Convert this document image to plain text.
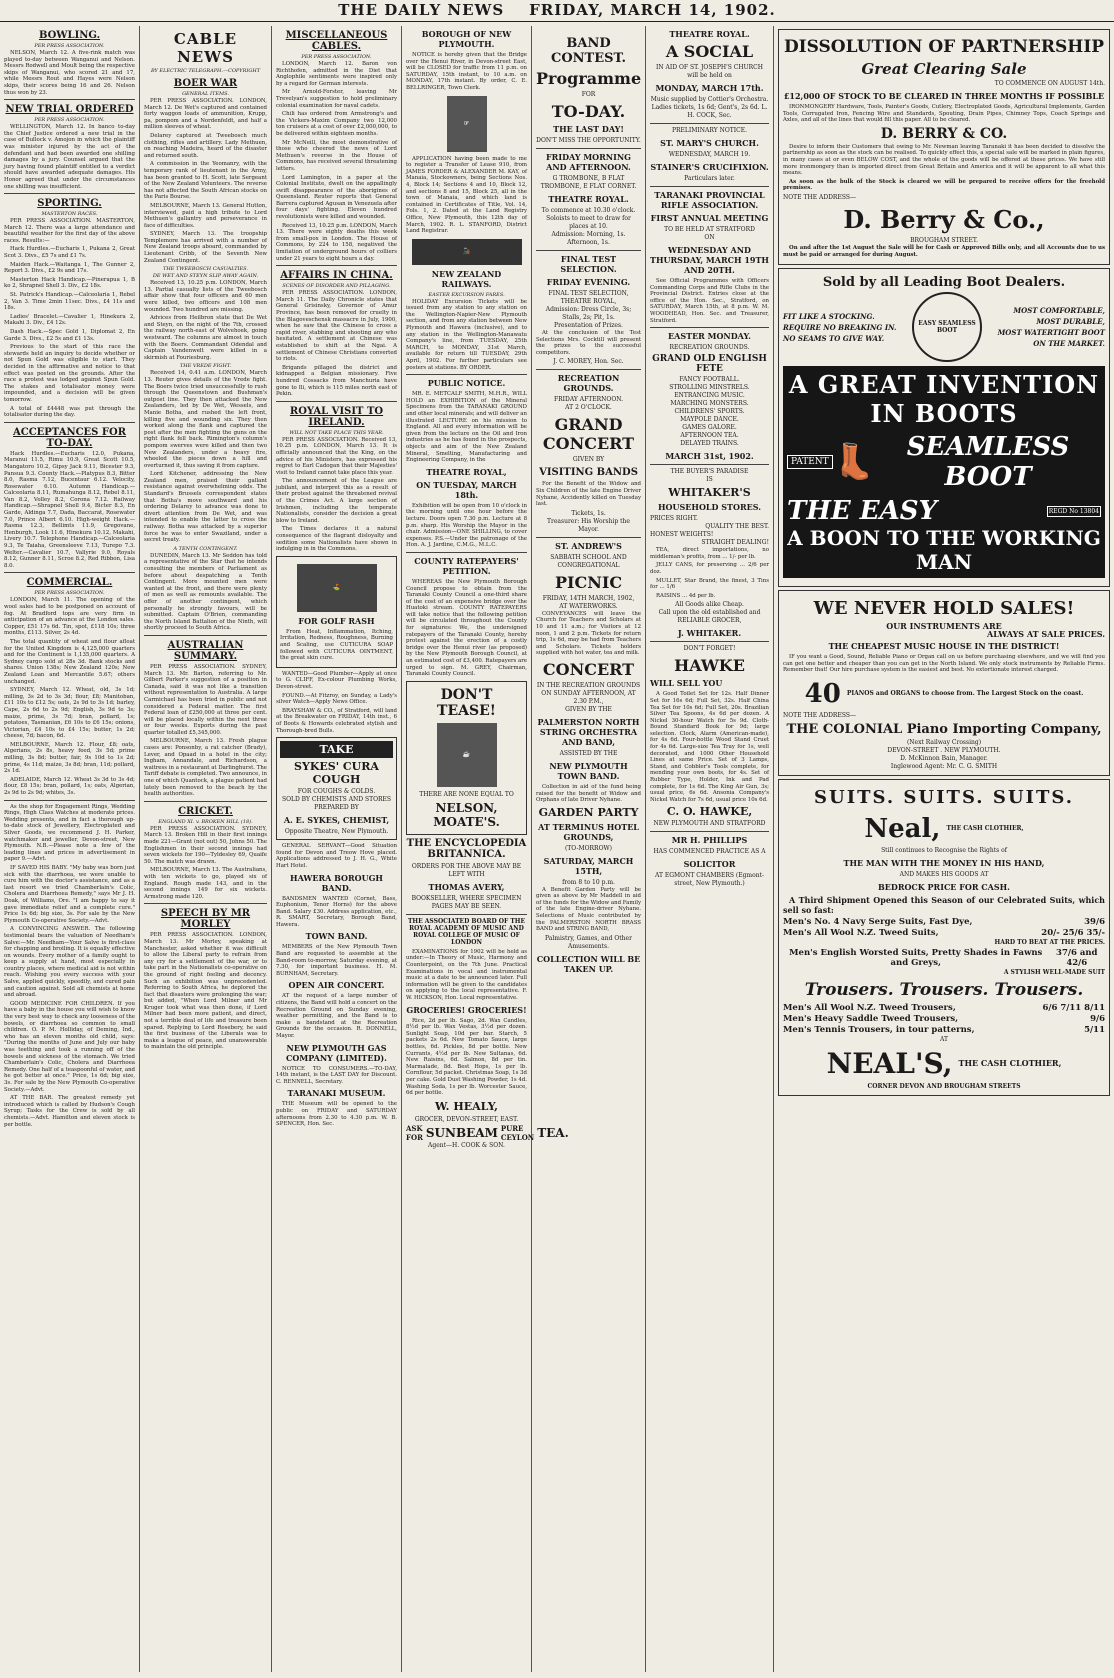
THE DAILY NEWS FRIDAY, MARCH 14, 1902.
BOWLING.
PER PRESS ASSOCIATION.

NELSON, March 12. A five-rink match was played to-day between Wanganui and Nelson. Messrs Rodwell and Moult being the respective skips of Wanganui, who scored 21 and 17, while Messrs Rout and Hayes were Nelson skips, their scores being 16 and 26. Nelson thus won by 23.

NEW TRIAL ORDERED
PER PRESS ASSOCIATION.

WELLINGTON, March 12. In banco to-day the Chief Justice ordered a new trial in the case of Bullock v. Amojon in which the plaintiff was minister injured by the act of the defendant and had been awarded one shilling damages by a jury. Counsel argued that the jury having found plaintiff entitled to a verdict should have awarded adequate damages. His Honor agreed that under the circumstances one shilling was insufficient.

SPORTING.
MASTERTON RACES.

PER PRESS ASSOCIATION. MASTERTON, March 12. There was a large attendance and beautiful weather for the first day of the above races. Results:—

Hack Hurdles.—Eucharis 1, Pukana 2, Great Scot 3. Divs., £5 7s and £1 7s.

Maiden Hack.—Waitanga 1, The Gunner 2, Report 3. Divs., £2 9s and 17s.

Masterton Hack Handicap.—Pinerapua 1, B ko 2, Shrapnel Shell 3. Div., £2 18s.

St. Patrick's Handicap.—Calceolaria 1, Rebel 2, Van 3. Time 2min 11sec. Divs., £4 11s and 18s.

Ladies' Bracelet.—Cavalier 1, Hinekura 2, Makahi 3. Div., £4 12s.

Dash Hack.—Spec Gold 1, Diplomat 2, En Garde 3. Divs., £2 5s and £1 13s.

Previous to the start of this race the stewards held an inquiry to decide whether or not Spun Gold was eligible to start. They decided in the affirmative and notice to that effect was posted on the grounds. After the race a protest was lodged against Spun Gold. The stakes and totalisator money were impounded, and a decision will be given tomorrow.

A total of £4448 was put through the totalisator during the day.

ACCEPTANCES FOR TO-DAY.

Hack Hurdles.—Eucharis 12.0, Pukana, Maranui 11.5, Rimu 10.9, Great Scott 10.5, Mangatoro 10.2, Gipsy Jack 9.11, Bicester 9.3, Pansua 9.3. County Hack.—Platypus 8.3, Bitter 8.0, Rasma 7.12, Bucentaur 6.12. Velocity, Rosewater 6.10. Autumn Handicap.—Calceolaria 8.11, Rumahunga 8.12, Rebel 8.11, Van 8.2, Volley 8.2, Corona 7.12. Railway Handicap.—Shrapnel Shell 9.4, Bicter 8.3, En Garde, Aldinga 7.7, Dada, Baccarat, Rosewater 7.0, Prince Albert 6.10. High-weight Hack.—Rasma 12.3, Bellimts 11.9, Gregovane, Henburgh, Look 11.6, Hinekura 10.12, Makahi, Livery 10.7. Telephone Handicap.—Calceolaria 9.3, Te Taiaha, Greensleeve 7.13, Turepo 7.3. Welter.—Cavalier 10.7, Vallyrie 9.0, Royals 8.12, Gunner 8.11, Scroe 8.2, Red Ribbon, Lisa 8.0.

COMMERCIAL.
PER PRESS ASSOCIATION.

LONDON, March 11. The opening of the wool sales had to be postponed on account of fog. At Bradford tops are very firm in anticipation of an advance at the London sales. Copper, £51 17s 6d. Tin, spot, £118 10s; three months, £113. Silver, 2s 4d.

The total quantity of wheat and flour afloat for the United Kingdom is 4,125,000 quarters and for the Continent is 1,135,000 quarters. A Sydney cargo sold at 28s 3d. Bank stocks and shares. Union 138s; New Zealand 120s; New Zealand Loan and Mercantile 5.67; others unchanged.

SYDNEY, March 12. Wheat, old, 3s 1d; milling, 3s 2d to 3s 3d; flour, £8; Manitoban, £11 10s to £12 5s; oats, 2s 9d to 3s 1d; barley, Cape, 2s 6d to 2s 9d; English, 3s 9d to 3s; maize, prime, 3s 7d; bran, pollard, 1s; potatoes, Tasmanian, £6 10s to £6 15s; onions, Victorian, £4 10s to £4 15s; butter, 1s 2d; cheese, 7d; bacon, 6d.

MELBOURNE, March 12. Flour, £8; oats, Algerians, 2s 8s, heavy feed, 3s 5d; prime milling, 3s 8d; butter, fair, 9s 10d to 1s 2d; prime, 4s 11d; maize, 3s 8d; bran, 11d; pollard, 2s 1d.

ADELAIDE, March 12. Wheat 3s 3d to 3s 4d; flour, £8 15s; bran, pollard, 1s; oats, Algerian, 2s 9d to 2s 9d; whites, 3s.

As the shop for Engagement Rings, Wedding Rings, High Class Watches at moderate prices. Wedding presents, and in fact a thorough up-to-date stock of Jewellery, Electroplated and Silver Goods, we recommend J. H. Parker, watchmaker and jeweller, Devon-street, New Plymouth. N.B.—Please note a few of the leading lines and prices in advertisement in paper 9.—Advt.

IF SAVED HIS BABY. "My baby was born just sick with the diarrhoea, we were unable to cure him with the doctor's assistance, and as a last resort we tried Chamberlain's Colic, Cholera and Diarrhoea Remedy," says Mr J. H. Doak, of Williams, Ore. "I am happy to say it gave immediate relief and a complete cure." Price 1s 6d; big size, 3s. For sale by the New Plymouth Co-operative Society.—Advt.

A CONVINCING ANSWER. The following testimonial bears the valuation of Needham's Salve:—Mr. Needham—Your Salve is first-class for chapping and broiling. It is equally effective on wounds. Every mother of a family ought to keep a supply at hand, most especially in country places, where medical aid is not within reach. Wishing you every success with your Salve, applied quickly, speedily, and cured pain and caution against. Sold all chemists at home and abroad.

GOOD MEDICINE FOR CHILDREN. If you have a baby in the house you will wish to know the very best way to check any looseness of the bowels, or diarrhoea so common to small children. O. P. M. Holliday, of Deming, Ind., who has an eleven months old child, says: "During the months of June and July our baby was teething and took a running off of the bowels and sickness of the stomach. We tried Chamberlain's Colic, Cholera and Diarrhoea Remedy. One half of a teaspoonful of water, and he got better at once." Price, 1s 6d; big size, 3s. For sale by the New Plymouth Co-operative Society.—Advt.

AT THE BAR. The greatest remedy yet introduced which is called by Hudson's Cough Syrup; Tasks for the Crew is sold by all chemists.—Advt. Hamilton and eleven stock is per bottle.

CABLE NEWS
BY ELECTRIC TELEGRAPH.—COPYRIGHT
BOER WAR
GENERAL ITEMS.

PER PRESS ASSOCIATION. LONDON, March 12. De Wet's captured and contained forty waggon loads of ammunition, Krupp, pa, pompom and a Nordenfeldt, and half a million sleeves of wheat.

Delarey captured at Tweebosch much clothing, rifles and artillery. Lady Methuen, on reaching Madeira, heard of the disaster and returned south.

A commission in the Yeomanry, with the temporary rank of lieutenant in the Army, has been granted to H. Scott, late Sergeant of the New Zealand Volunteers. The reverse has not affected the South African stocks on the Paris Bourse.

MELBOURNE, March 13. General Hutton, interviewed, paid a high tribute to Lord Methuen's gallantry and perseverance in face of difficulties.

SYDNEY, March 13. The troopship Templemore has arrived with a number of New Zealand troops aboard, commanded by Lieutenant Cribb, of the Seventh New Zealand Contingent.

THE TWEEBOSCH CASUALTIES.
DE WET AND STEYN SLIP AWAY AGAIN.

Received 13, 10.25 p.m. LONDON, March 13. Partial casualty lists of the Tweebosch affair show that four officers and 60 men were killed, two officers and 108 men wounded. Two hundred are missing.

Advices from Heilbron state that De Wet and Steyn, on the night of the 7th, crossed the railway north-east of Wolvehoek, going westward. The columns are almost in touch with the Boers. Commandant Odendal and Captain Vandenwelt were killed in a skirmish at Fouriesburg.

THE VREDE FIGHT.

Received 14, 0.41 a.m. LONDON, March 13. Reuter gives details of the Vrede fight. The Boers twice tried unsuccessfully to rush through the Queenstown and Bushman's outpost line. They then attacked the New Zealanders, led by De Wet, Wessels, and Manie Botha, and rushed the left front, killing five and wounding six. They then worked along the flank and captured the post after the men fighting the guns on the right flank fell back. Rimington's column's pompom swerves were killed and then two New Zealanders, under a heavy fire, wheeled the pieces down a hill and overturned it, thus saving it from capture.

Lord Kitchener, addressing the New Zealand men, praised their gallant resistance against overwhelming odds. The Standard's Brussels correspondent states that Botha's move southward and his ordering Delarey to advance was done to divert attention from De Wet, and was intended to enable the latter to cross the railway. Botha was attacked by a superior force he was to enter Swaziland, under a secret treaty.

A TENTH CONTINGENT.

DUNEDIN, March 13. Mr Seddon has told a representative of the Star that he intends consulting the members of Parliament as before about despatching a Tenth Contingent. More mounted men were wanted at the front, and there were plenty of men as well as remounts available. The offer of another contingent, which personally he strongly favours, will be submitted. Captain O'Brien, commanding the North Island Battalion of the Ninth, will shortly proceed to South Africa.

AUSTRALIAN SUMMARY.

PER PRESS ASSOCIATION. SYDNEY, March 13. Mr. Barton, referring to Mr. Gilbert Parker's suggestion of a position in Canada, said it was not like a transition without representation to Australia. A large Carmichael has been tried in public and not considered a Federal matter. The first Federal loan of £250,000 at three per cent. will be placed locally within the next three or four weeks. Exports during the past quarter totalled £5,345,000.

MELBOURNE, March 13. Fresh plague cases are: Ponsonby, a rat catcher (Brady), Lever, and Opaad in a hotel in the city; Ingham, Annandale, and Richardson, a waitress in a restaurant at Darlinghurst. The Tariff debate is completed. Two announce, in one of which Quantock, a plague patient had lately been removed to the beach by the health authorities.

CRICKET.
ENGLAND XI. v. BROKEN HILL (18).

PER PRESS ASSOCIATION. SYDNEY, March 13. Broken Hill in their first innings made 221—Grant (not out) 50, Johns 50. The Englishmen in their second innings had seven wickets for 190—Tyldesley 69, Quaife 50. The match was drawn.

MELBOURNE, March 13. The Australians, with ten wickets to go, played six of England. Rough made 143, and in the second innings 149 for six wickets. Armstrong made 120.

SPEECH BY MR MORLEY

PER PRESS ASSOCIATION. LONDON, March 13. Mr Morley, speaking at Manchester, asked whether it was difficult to allow the Liberal party to refrain from any cry for a settlement of the war, or to take part in the Nationalists co-operative on the ground of right feeling and decency. Such an exhibition was unprecedented. Referring to South Africa, he deplored the fact that disasters were prolonging the war; but added, "When Lord Milner and Mr Kruger took what was then done, if Lord Milner had been more patient, and direct, not a terrible deal of life and treasure been spared. Replying to Lord Rosebery, he said the first business of the Liberals was to make a league of peace, and unanswerable to maintain the old principle.

MISCELLANEOUS CABLES.
PER PRESS ASSOCIATION.

LONDON, March 12. Baron von Richthofen, admitted in the Diet that Anglophile sentiments were inspired only by a regard for German interests.

Mr Arnold-Forster, leaving Mr Trevelyan's suggestion to hold preliminary colonial examination for naval cadets.

Chili has ordered from Armstrong's and the Vickers-Maxim Company two 12,000 ton cruisers at a cost of over £2,000,000, to be delivered within eighteen months.

Mr McNeill, the most demonstrative of those who cheered the news of Lord Methuen's reverse in the House of Commons, has received several threatening letters.

Lord Lamington, in a paper at the Colonial Institute, dwelt on the appallingly swift disappearance of the aborigines of Queensland. Reuter reports that General Barrera captured Agusan in Venezuela after four days' fighting. Eleven hundred revolutionists were killed and wounded.

Received 13, 10.25 p.m. LONDON, March 13. There were eighty deaths this week from small-pox in London. The House of Commons, by 224 to 158, negatived the limitation of underground hours of colliers under 21 years to eight hours a day.

AFFAIRS IN CHINA.
SCENES OF DISORDER AND PILLAGING.

PER PRESS ASSOCIATION. LONDON, March 11. The Daily Chronicle states that General Grisinsky, Governor of Amur Province, has been removed for cruelty in the Blagoveschensk massacre in July, 1900, when he saw that the Chinese to cross a rapid river, stabbing and shooting any who hesitated. A settlement at Chinese was established to shift at the Ngai. A settlement of Chinese Christians converted to riots.

Brigands pillaged the district and kidnapped a Belgian missionary. Five hundred Cossacks from Manchuria have gone to Ili, which is 115 miles north east of Pekin.

ROYAL VISIT TO IRELAND.
WILL NOT TAKE PLACE THIS YEAR.

PER PRESS ASSOCIATION. Received 13, 10.25 p.m. LONDON, March 13. It is officially announced that the King, on the advice of his Ministers, has expressed his regret to Earl Cadogan that their Majesties' visit to Ireland cannot take place this year.

The announcement of the League are jubilant, and interpret this as a result of their protest against the threatened revival of the Crimes Act. A large section of Irishmen, including the temperate Nationalists, consider the decision a great blow to Ireland.

The Times declares it a natural consequence of the flagrant disloyalty and sedition some Nationalists have shown in indulging in in the Commons.

⛳
FOR GOLF RASH

From Heat, Inflammation, Itching, Irritation, Redness, Roughness, Burning and Scaling, use CUTICURA SOAP followed with CUTICURA OINTMENT, the great skin cure.

WANTED—Good Plumber—Apply at once to G. CLIFF, Ex-colour Plumbing Works, Devon-street.

FOUND.—At Fitzroy, on Sunday, a Lady's silver Watch—Apply News Office.

BRAYSHAW & CO., of Stratford, will land at the Breakwater on FRIDAY, 14th inst., 6 of Boots & Howards celebrated stylish and Thorough-bred Bulls.

TAKE
SYKES' CURA COUGH
FOR COUGHS & COLDS.
SOLD BY CHEMISTS AND STORES
PREPARED BY
A. E. SYKES, CHEMIST,
Opposite Theatre, New Plymouth.

GENERAL SERVANT—Good Situation found for Devon and Treow Hove placed. Applications addressed to J. H. G., White Hart Hotel.

HAWERA BOROUGH BAND.

BANDSMEN WANTED (Cornet, Bass, Euphonium, Tenor Horns) for the above Band. Salary £30. Address application, etc., R. SMART, Secretary, Borough Band, Hawera.

TOWN BAND.

MEMBERS of the New Plymouth Town Band are requested to assemble at the Band-room to-morrow, Saturday evening, at 7.30, for important business. H. M. BURNHAM, Secretary.

OPEN AIR CONCERT.

AT the request of a large number of citizens, the Band will hold a concert on the Recreation Ground on Sunday evening, weather permitting, and the Band is to make a bandstand at the Recreation Grounds for the occasion. R. DONNELL, Mayor.

NEW PLYMOUTH GAS COMPANY (LIMITED).

NOTICE TO CONSUMERS.—TO-DAY, 14th instant, is the LAST DAY for Discount. C. RENNELL, Secretary.

TARANAKI MUSEUM.

THE Museum will be opened to the public on FRIDAY and SATURDAY afternoons from 2.30 to 4.30 p.m. W. B. SPENCER, Hon. Sec.

BOROUGH OF NEW PLYMOUTH.

NOTICE is hereby given that the Bridge over the Henui River, in Devon-street East, will be CLOSED for traffic from 11 p.m. on SATURDAY, 15th instant, to 10 a.m. on MONDAY, 17th instant. By order, C. E. BELLRINGER, Town Clerk.

☞

APPLICATION having been made to me to register a Transfer of Lease 910, from JAMES FORDER & ALEXANDER M. KAY, of Manaia, Stockowners, being Sections Nos. 4, Block 14; Sections 4 and 10, Block 12, and sections 8 and 15, Block 25, all in the town of Manaia, and which land is contained in Certificates of Title, Vol. 14, Fols. 1, 2. Dated at the Land Registry Office, New Plymouth, this 12th day of March, 1902. R. L. STANFORD, District Land Registrar.

🚂
NEW ZEALAND RAILWAYS.
EASTER EXCURSION FARES.

HOLIDAY Excursion Tickets will be issued from any station to any station on the Wellington-Napier-New Plymouth section, and from any station between New Plymouth and Hawera (inclusive), and to any station in the Wellington-Manawatu Company's line, from TUESDAY, 25th MARCH, to MONDAY, 31st March, available for return till TUESDAY, 29th April, 1902. For further particulars see posters at stations. BY ORDER.

PUBLIC NOTICE.

MR. E. METCALF SMITH, M.H.R., WILL HOLD an EXHIBITION of the Mineral Specimens from the TARANAKI GROUND and other local minerals; and will deliver an illustrated LECTURE on his mission to England. All and every information will be given from the lecture on the Oil and Iron industries as he has found in the prospects, objects and aim of the New Zealand Mineral, Smelting, Manufacturing and Engineering Company, in the

THEATRE ROYAL,
ON TUESDAY, MARCH 18th.

Exhibition will be open from 10 o'clock in the morning until one hour before the lecture. Doors open 7.30 p.m. Lecture at 8 p.m. sharp. His Worship the Mayor in the chair. Admission—ONE SHILLING, to cover expenses. P.S.—Under the patronage of the Hon. A. J. Jardine, C.M.G., M.L.C.

COUNTY RATEPAYERS' PETITION.

WHEREAS the New Plymouth Borough Council propose to obtain from the Taranaki County Council a one-third share of the cost of an expensive bridge over the Huatoki stream. COUNTY RATEPAYERS will take notice that the following petition will be circulated throughout the County for signatures: We, the undersigned ratepayers of the Taranaki County, hereby protest against the erection of a costly bridge over the Henui river (as proposed) by the New Plymouth Borough Council, at an estimated cost of £3,400. Ratepayers are urged to sign. M. GREY, Chairman, Taranaki County Council.

DON'T TEASE!
☕
THERE ARE NONE EQUAL TO
NELSON, MOATE'S.
THE ENCYCLOPEDIA BRITANNICA.
ORDERS FOR THE ABOVE MAY BE LEFT WITH
THOMAS AVERY,
BOOKSELLER, WHERE SPECIMEN PAGES MAY BE SEEN.
THE ASSOCIATED BOARD OF THE ROYAL ACADEMY OF MUSIC AND ROYAL COLLEGE OF MUSIC OF LONDON

EXAMINATIONS for 1902 will be held as under:—In Theory of Music, Harmony and Counterpoint, on the 7th June. Practical Examinations in vocal and instrumental music at a date to be announced later. Full information will be given to the candidates on applying to the local representative. F. W. HICKSON, Hon. Local representative.

GROCERIES! GROCERIES!

Rice, 2d per lb. Sago, 2d. Wax Candles, 8½d per lb. Wax Vestas, 3½d per dozen. Sunlight Soap, 10d per bar. Starch, 5 packets 2s 6d. New Tomato Sauce, large bottles, 6d. Pickles, 8d per bottle. New Currants, 4½d per lb. New Sultanas, 6d. New Raisins, 6d. Salmon, 8d per tin. Marmalade, 8d. Best Hops, 1s per lb. Cornflour, 5d packet. Christmas Soap, 1s 3d per cake. Gold Dust Washing Powder, 1s 4d. Washing Soda, 1s per lb. Worcester Sauce, 6d per bottle.

W. HEALY,
GROCER, DEVON-STREET, EAST.
ASK FOR SUNBEAM PURE CEYLON TEA.
Agent—H. COOK & SON.
BAND CONTEST.
Programme
FOR
TO-DAY.
THE LAST DAY!
DON'T MISS THE OPPORTUNITY.
FRIDAY MORNING AND AFTERNOON.
G TROMBONE, B FLAT TROMBONE, E FLAT CORNET.
THEATRE ROYAL.
To commence at 10.30 o'clock.
Soloists to meet to draw for places at 10.
Admission: Morning, 1s. Afternoon, 1s.
FINAL TEST SELECTION.
FRIDAY EVENING.
FINAL TEST SELECTION,
THEATRE ROYAL,
Admission: Dress Circle, 3s; Stalls, 2s; Pit, 1s.
Presentation of Prizes.

At the conclusion of the Test Selections Mrs. Cocktill will present the prizes to the successful competitors.

J. C. MOREY, Hon. Sec.
RECREATION GROUNDS.
FRIDAY AFTERNOON.
AT 2 O'CLOCK.
GRAND CONCERT
GIVEN BY
VISITING BANDS

For the Benefit of the Widow and Six Children of the late Engine Driver Nyhane, Accidently killed on Tuesday last.

Tickets, 1s.
Treasurer: His Worship the Mayor.
ST. ANDREW'S
SABBATH SCHOOL AND CONGREGATIONAL
PICNIC
FRIDAY, 14TH MARCH, 1902,
AT WATERWORKS.

CONVEYANCES will leave the Church for Teachers and Scholars at 10 and 11 a.m.; for Visitors at 12 noon, 1 and 2 p.m. Tickets for return trip, 1s 6d, may be had from Teachers and Scholars. Tickets holders supplied with hot water, tea and milk.

CONCERT
IN THE RECREATION GROUNDS
ON SUNDAY AFTERNOON, AT 2.30 P.M.,
GIVEN BY THE
PALMERSTON NORTH STRING ORCHESTRA AND BAND,
ASSISTED BY THE
NEW PLYMOUTH TOWN BAND.

Collection in aid of the fund being raised for the benefit of Widow and Orphans of late Driver Nyhane.

GARDEN PARTY
AT TERMINUS HOTEL GROUNDS,
(TO-MORROW)
SATURDAY, MARCH 15TH,
from 8 to 10 p.m.

A Benefit Garden Party will be given as above by Mr Maddell in aid of the funds for the Widow and Family of the late Engine-driver Nyhane. Selections of Music contributed by the PALMERSTON NORTH BRASS BAND and STRING BAND,

Palmistry, Games, and Other Amusements.
COLLECTION WILL BE TAKEN UP.
THEATRE ROYAL.
A SOCIAL
IN AID OF ST. JOSEPH'S CHURCH
will be held on
MONDAY, MARCH 17th.
Music supplied by Cottier's Orchestra.
Ladies tickets, 1s 6d; Gent's, 2s 6d. L. H. COCK, Sec.
PRELIMINARY NOTICE.
ST. MARY'S CHURCH.
WEDNESDAY, MARCH 19.
STAINER'S CRUCIFIXION.
Particulars later.
TARANAKI PROVINCIAL RIFLE ASSOCIATION.
FIRST ANNUAL MEETING
TO BE HELD AT STRATFORD
ON
WEDNESDAY AND THURSDAY, MARCH 19TH AND 20TH.

See Official Programmes with Officers Commanding Corps and Rifle Clubs in the Provincial District. Entries close at the office of the Hon. Sec., Stratford, on SATURDAY, March 15th, at 8 p.m. W. M. WOODHEAD, Hon. Sec. and Treasurer, Stratford.

EASTER MONDAY.
RECREATION GROUNDS.
GRAND OLD ENGLISH FETE
FANCY FOOTBALL.
STROLLING MINSTRELS.
ENTRANCING MUSIC.
MARCHING MONSTERS.
CHILDRENS' SPORTS.
MAYPOLE DANCE.
GAMES GALORE.
AFTERNOON TEA.
DELAYED TRAINS.
MARCH 31st, 1902.
THE BUYER'S PARADISE
IS
WHITAKER'S
HOUSEHOLD STORES.
PRICES RIGHT.
QUALITY THE BEST.
HONEST WEIGHTS!
STRAIGHT DEALING!

TEA, direct importations, no middleman's profits, from ... 1/- per lb.

JELLY CANS, for preserving ... 2/6 per doz.

MULLET, Star Brand, the finest, 3 Tins for ... 1/6

RAISINS ... 4d per lb.

All Goods alike Cheap.
Call upon the old established and RELIABLE GROCER,
J. WHITAKER.
DON'T FORGET!
HAWKE
WILL SELL YOU

A Good Toilet Set for 12s. Half Dinner Set for 16s 6d; Full Set, 32s. Half China Tea Set for 10s 6d; Full Set, 20s. Brazilian Silver Tea Spoons, 4s 6d per dozen. A Nickel 30-hour Watch for 5s 9d. Cloth-Bound Standard Book for 9d; large selection. Clock, Alarm (American-made), for 4s 6d. Four-bottle Wood Stand Cruet for 4s 6d. Large-size Tea Tray for 1s, well decorated, and 1000 Other Household Lines at same Price. Set of 3 Lamps, Stand, and Cobbler's Tools complete, for mending your own boots, for 4s. Set of Rubber Type, Holder, Ink and Pad complete, for 1s 6d. The King Air Gun, 3s; usual price, 6s 6d. Ansonia Company's Nickel Watch for 7s 6d, usual price 10s 6d.

C. O. HAWKE,
NEW PLYMOUTH AND STRATFORD
MR H. PHILLIPS
HAS COMMENCED PRACTICE AS A
SOLICITOR
AT EGMONT CHAMBERS (Egmont-street, New Plymouth.)
DISSOLUTION OF PARTNERSHIP
Great Clearing Sale
TO COMMENCE ON AUGUST 14th.
£12,000 OF STOCK TO BE CLEARED IN THREE MONTHS IF POSSIBLE

IRONMONGERY Hardware, Tools, Painter's Goods, Cutlery, Electroplated Goods, Agricultural Implements, Garden Tools, Corrugated Iron, Fencing Wire and Standards, Spouting, Drain Pipes, Chimney Tops, Coach Springs and Axles, and all of the lines that would fill this paper. All to be cleared.

D. BERRY & CO.

Desire to inform their Customers that owing to Mr. Newman leaving Taranaki it has been decided to dissolve the partnership as soon as the stock can be realised. To quickly effect this, a special sale will be marked in plain figures, in many cases at or even BELOW COST, and the whole of the goods will be offered at these prices. We have still more ironmongery than is imported direct from Great Britain and America and it will be apparent to all what this means.

As soon as the bulk of the Stock is cleared we will be prepared to receive offers for the freehold premises.

NOTE THE ADDRESS—
D. Berry & Co.,
BROUGHAM STREET.

On and after the 1st August the Sale will be for Cash or Approved Bills only, and all Accounts due to us must be paid or arranged for during August.

Sold by all Leading Boot Dealers.
FIT LIKE A STOCKING.
REQUIRE NO BREAKING IN.
NO SEAMS TO GIVE WAY.
EASY SEAMLESS BOOT
MOST COMFORTABLE,
MOST DURABLE,
MOST WATERTIGHT BOOT
ON THE MARKET.
A GREAT INVENTION IN BOOTS
PATENT 👢	SEAMLESS BOOT
THE EASY	REGD No 13804
A BOON TO THE WORKING MAN
WE NEVER HOLD SALES!
OUR INSTRUMENTS ARE
ALWAYS AT SALE PRICES.
THE CHEAPEST MUSIC HOUSE IN THE DISTRICT!

IF you want a Good, Sound, Reliable Piano or Organ call on us before purchasing elsewhere, and we will find you can get one better and cheaper than you can get in the North Island. We only stock instruments by Reliable Firms. Remember that! Our hire purchase system is the easiest and best. No extortionate interest charged.

40 PIANOS and ORGANS to choose from. The Largest Stock on the coast.
NOTE THE ADDRESS—
THE COLONIAL Piano Importing Company,
(Next Railway Crossing)
DEVON-STREET . NEW PLYMOUTH.
D. McKinnon Bain, Manager.
Inglewood Agent: Mr. C. G. SMITH
SUITS. SUITS. SUITS.
Neal, THE CASH CLOTHIER,
Still continues to Recognise the Rights of
THE MAN WITH THE MONEY IN HIS HAND,
AND MAKES HIS GOODS AT
BEDROCK PRICE FOR CASH.

A Third Shipment Opened this Season of our Celebrated Suits, which sell so fast:

Men's No. 4 Navy Serge Suits, Fast Dye,	39/6
Men's All Wool N.Z. Tweed Suits,	20/- 25/6 35/-
HARD TO BEAT AT THE PRICES.
Men's English Worsted Suits, Pretty Shades in Fawns and Greys,
37/6 and 42/6
A STYLISH WELL-MADE SUIT
Trousers. Trousers. Trousers.
Men's All Wool N.Z. Tweed Trousers,	6/6 7/11 8/11
Men's Heavy Saddle Tweed Trousers,	9/6
Men's Tennis Trousers, in tour patterns,	5/11
AT
NEAL'S, THE CASH CLOTHIER,
CORNER DEVON AND BROUGHAM STREETS
